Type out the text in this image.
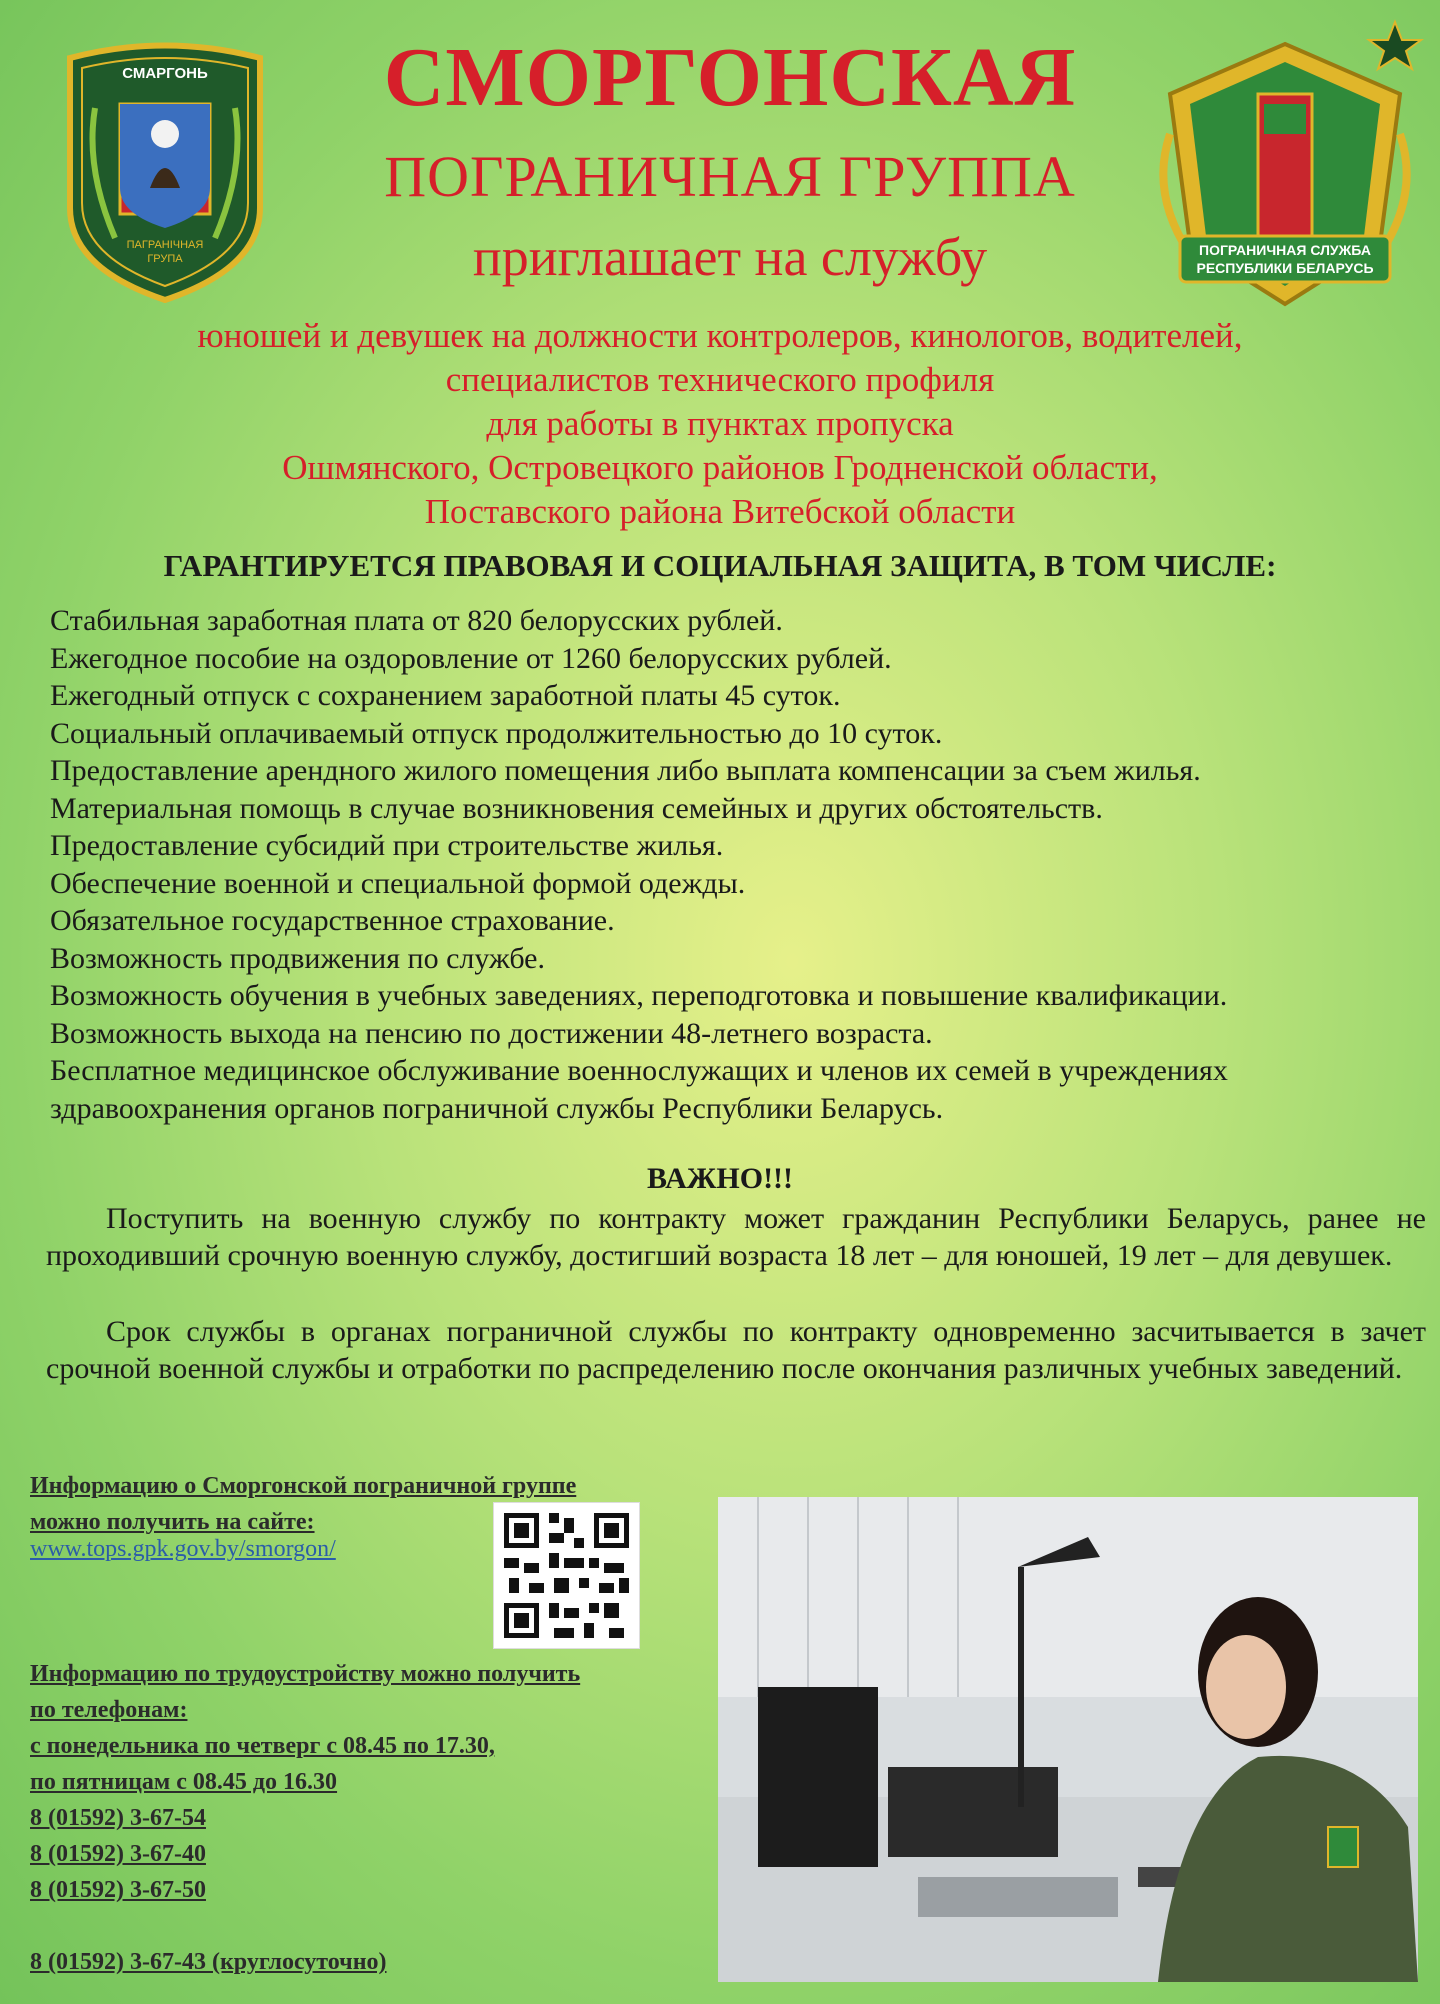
СМАРГОНЬ
ПАГРАНІЧНАЯ
ГРУПА
ПОГРАНИЧНАЯ СЛУЖБА
РЕСПУБЛИКИ БЕЛАРУСЬ
СМОРГОНСКАЯ
ПОГРАНИЧНАЯ ГРУППА
приглашает на службу
юношей и девушек на должности контролеров, кинологов, водителей,
специалистов технического профиля
для работы в пунктах пропуска
Ошмянского, Островецкого районов Гродненской области,
Поставского района Витебской области
ГАРАНТИРУЕТСЯ ПРАВОВАЯ И СОЦИАЛЬНАЯ ЗАЩИТА, В ТОМ ЧИСЛЕ:
Стабильная заработная плата от 820 белорусских рублей.
Ежегодное пособие на оздоровление от 1260 белорусских рублей.
Ежегодный отпуск с сохранением заработной платы 45 суток.
Социальный оплачиваемый отпуск продолжительностью до 10 суток.
Предоставление арендного жилого помещения либо выплата компенсации за съем жилья.
Материальная помощь в случае возникновения семейных и других обстоятельств.
Предоставление субсидий при строительстве жилья.
Обеспечение военной и специальной формой одежды.
Обязательное государственное страхование.
Возможность продвижения по службе.
Возможность обучения в учебных заведениях, переподготовка и повышение квалификации.
Возможность выхода на пенсию по достижении 48-летнего возраста.
Бесплатное медицинское обслуживание военнослужащих и членов их семей в учреждениях здравоохранения органов пограничной службы Республики Беларусь.
ВАЖНО!!!

Поступить на военную службу по контракту может гражданин Республики Беларусь, ранее не проходивший срочную военную службу, достигший возраста 18 лет – для юношей, 19 лет – для девушек.

Срок службы в органах пограничной службы по контракту одновременно засчитывается в зачет срочной военной службы и отработки по распределению после окончания различных учебных заведений.

Информацию о Сморгонской пограничной группе
можно получить на сайте:
www.tops.gpk.gov.by/smorgon/
Информацию по трудоустройству можно получить
по телефонам:
с понедельника по четверг с 08.45 по 17.30,
по пятницам с 08.45 до 16.30
8 (01592) 3-67-54
8 (01592) 3-67-40
8 (01592) 3-67-50
8 (01592) 3-67-43 (круглосуточно)
